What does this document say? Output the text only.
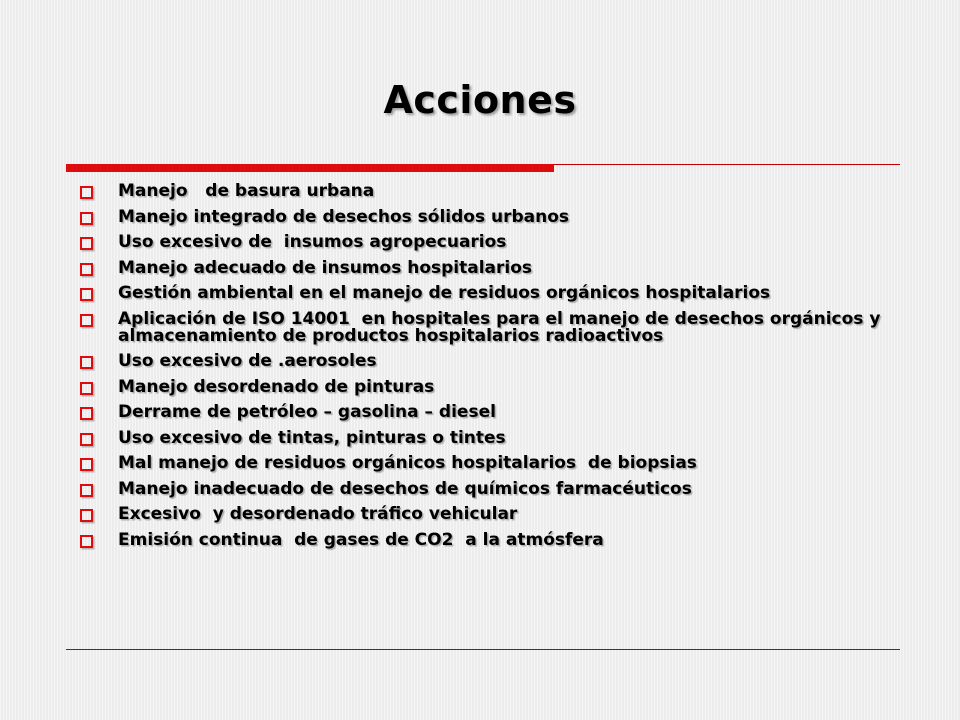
Acciones
Manejo   de basura urbana
Manejo integrado de desechos sólidos urbanos
Uso excesivo de  insumos agropecuarios
Manejo adecuado de insumos hospitalarios
Gestión ambiental en el manejo de residuos orgánicos hospitalarios
Aplicación de ISO 14001  en hospitales para el manejo de desechos orgánicos y almacenamiento de productos hospitalarios radioactivos
Uso excesivo de .aerosoles
Manejo desordenado de pinturas
Derrame de petróleo – gasolina – diesel
Uso excesivo de tintas, pinturas o tintes
Mal manejo de residuos orgánicos hospitalarios  de biopsias
Manejo inadecuado de desechos de químicos farmacéuticos
Excesivo  y desordenado tráfico vehicular
Emisión continua  de gases de CO2  a la atmósfera
